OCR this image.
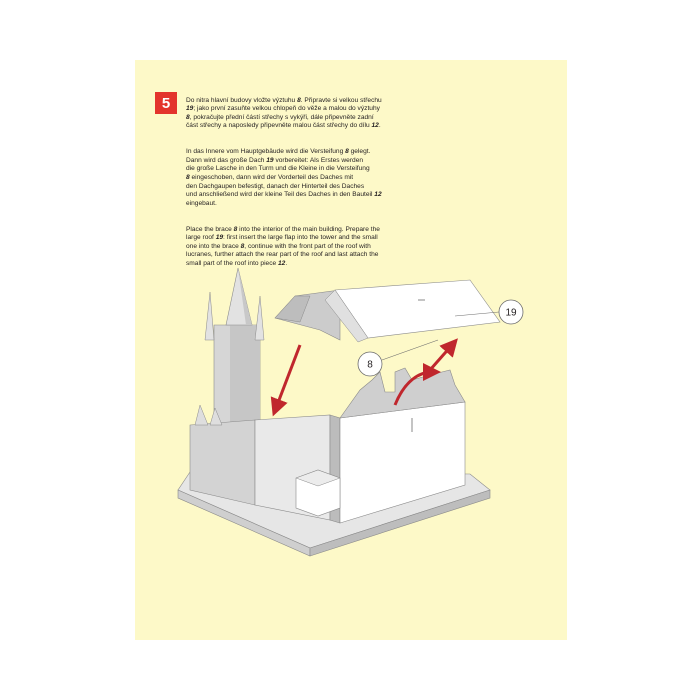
5	Do nitra hlavní budovy vložte výztuhu 8. Připravte si velkou střechu
19; jako první zasuňte velkou chlopeň do věže a malou do výztuhy
8, pokračujte přední částí střechy s vykýři, dále připevněte zadní
část střechy a naposledy připevněte malou část střechy do dílu 12.

In das Innere vom Hauptgebäude wird die Versteifung 8 gelegt.
Dann wird das große Dach 19 vorbereitet: Als Erstes werden
die große Lasche in den Turm und die Kleine in die Versteifung
8 eingeschoben, dann wird der Vorderteil des Daches mit
den Dachgaupen befestigt, danach der Hinterteil des Daches
und anschließend wird der kleine Teil des Daches in den Bauteil 12
eingebaut.

Place the brace 8 into the interior of the main building. Prepare the
large roof 19: first insert the large flap into the tower and the small
one into the brace 8, continue with the front part of the roof with
lucranes, further attach the rear part of the roof and last attach the
small part of the roof into piece 12.

8
19
